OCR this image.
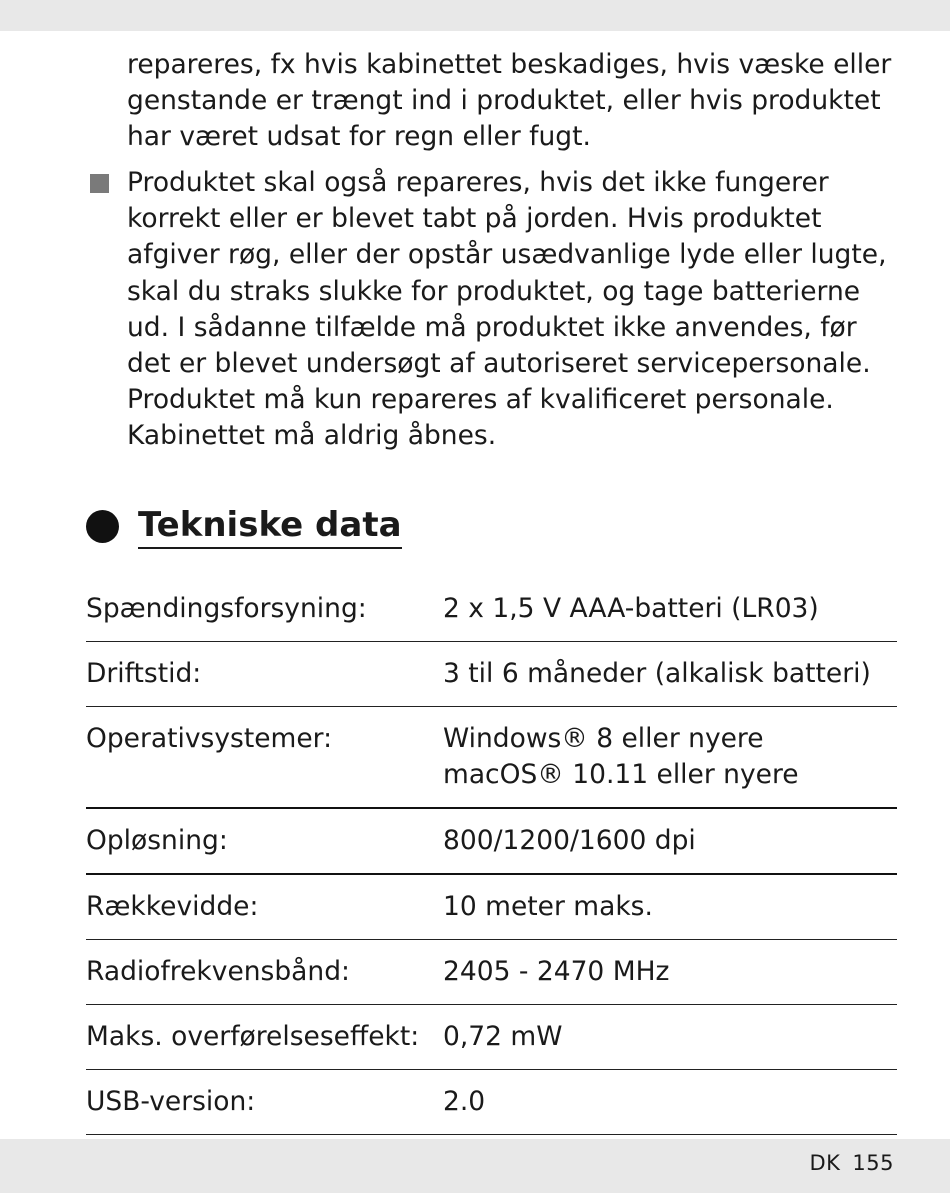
repareres, fx hvis kabinettet beskadiges, hvis væske eller genstande er trængt ind i produktet, eller hvis produktet har været udsat for regn eller fugt.

Produktet skal også repareres, hvis det ikke fungerer korrekt eller er blevet tabt på jorden. Hvis produktet afgiver røg, eller der opstår usædvanlige lyde eller lugte, skal du straks slukke for produktet, og tage batterierne ud. I sådanne tilfælde må produktet ikke anvendes, før det er blevet undersøgt af autoriseret servicepersonale. Produktet må kun repareres af kvalificeret personale. Kabinettet må aldrig åbnes.

Tekniske data
Spændingsforsyning:	2 x 1,5 V AAA-batteri (LR03)

Driftstid:	3 til 6 måneder (alkalisk batteri)

Operativsystemer:	Windows® 8 eller nyere
macOS® 10.11 eller nyere

Opløsning:	800/1200/1600 dpi

Rækkevidde:	10 meter maks.

Radiofrekvensbånd:	2405 - 2470 MHz

Maks. overførelseseffekt:	0,72 mW

USB-version:	2.0
DK 155
